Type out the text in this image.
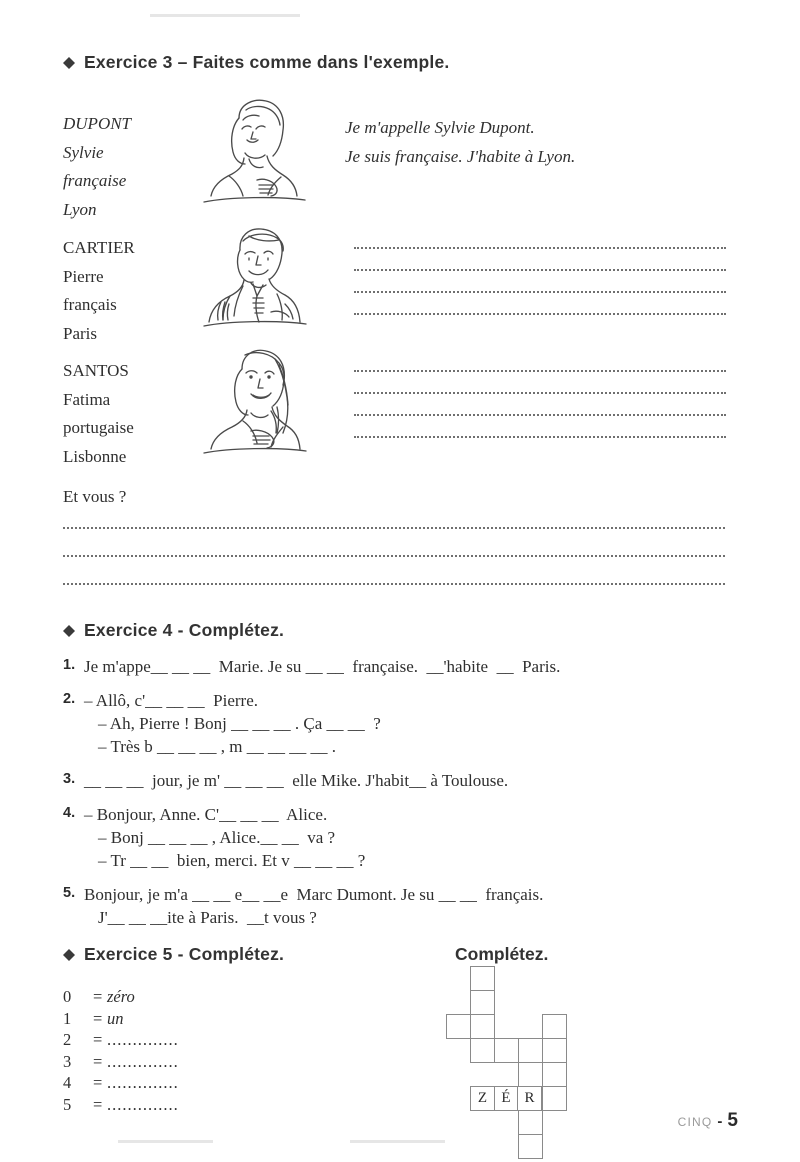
Exercice 3 – Faites comme dans l'exemple.
DUPONT
Sylvie
française
Lyon
Je m'appelle Sylvie Dupont.
Je suis française. J'habite à Lyon.
CARTIER
Pierre
français
Paris
SANTOS
Fatima
portugaise
Lisbonne
Et vous ?
Exercice 4 - Complétez.
1. Je m'appe__ __ __  Marie. Je su __ __  française.  __'habite  __  Paris.
2. – Allô, c'__ __ __  Pierre.
– Ah, Pierre ! Bonj __ __ __ . Ça __ __  ?
– Très b __ __ __ , m __ __ __ __ .
3. __ __ __  jour, je m' __ __ __  elle Mike. J'habit__ à Toulouse.
4. – Bonjour, Anne. C'__ __ __  Alice.
– Bonj __ __ __ , Alice.__ __  va ?
– Tr __ __  bien, merci. Et v __ __ __ ?
5. Bonjour, je m'a __ __ e__ __e  Marc Dumont. Je su __ __  français.
J'__ __ __ite à Paris.  __t vous ?
Exercice 5 - Complétez.	Complétez.
0	= zéro
1	= un
2	= ..............
3	= ..............
4	= ..............
5	= ..............	Z É R
CINQ - 5
